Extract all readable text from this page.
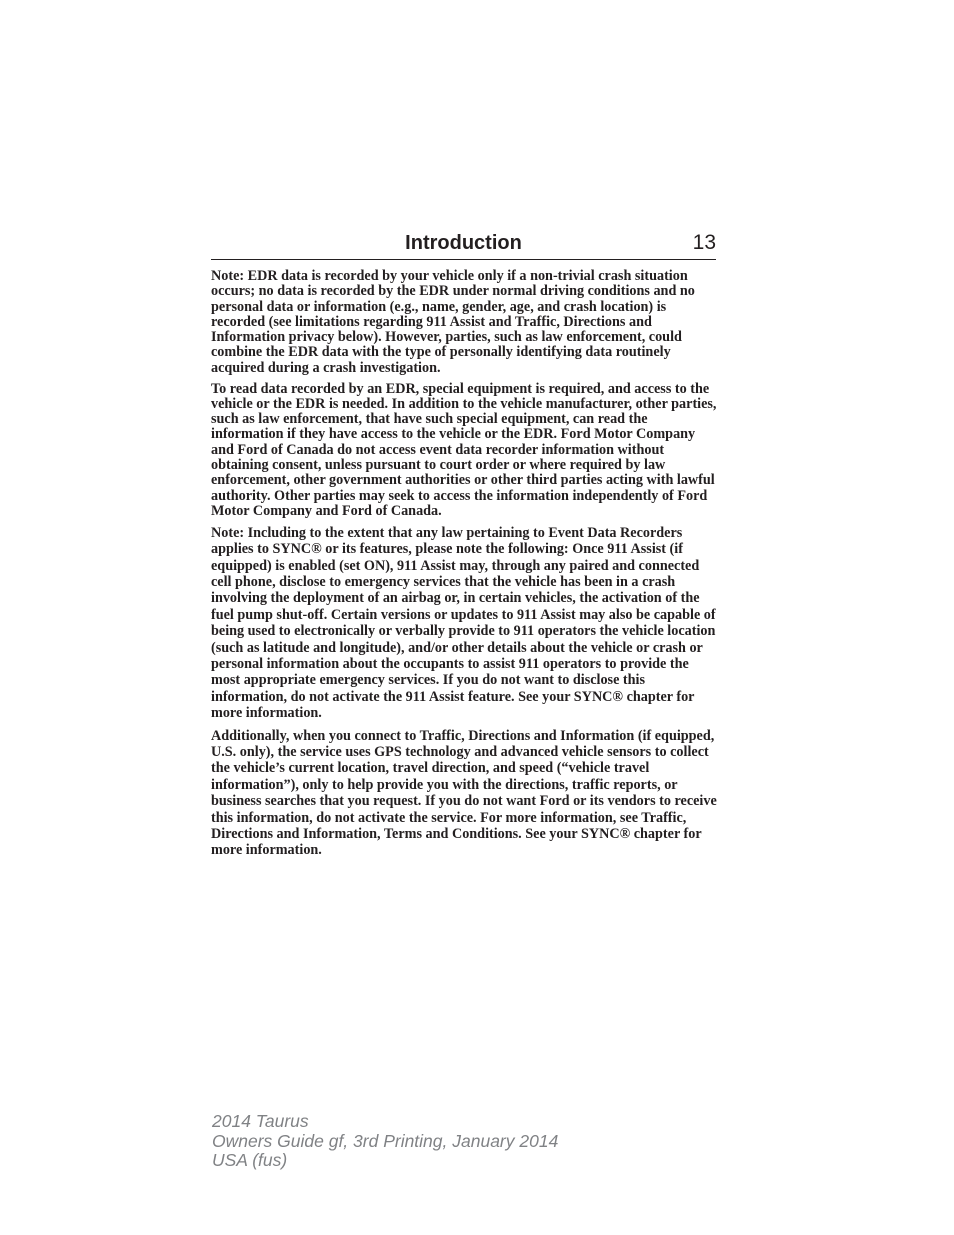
Introduction	13

Note: EDR data is recorded by your vehicle only if a non-trivial crash situation occurs; no data is recorded by the EDR under normal driving conditions and no personal data or information (e.g., name, gender, age, and crash location) is recorded (see limitations regarding 911 Assist and Traffic, Directions and Information privacy below). However, parties, such as law enforcement, could combine the EDR data with the type of personally identifying data routinely acquired during a crash investigation.

To read data recorded by an EDR, special equipment is required, and access to the vehicle or the EDR is needed. In addition to the vehicle manufacturer, other parties, such as law enforcement, that have such special equipment, can read the information if they have access to the vehicle or the EDR. Ford Motor Company and Ford of Canada do not access event data recorder information without obtaining consent, unless pursuant to court order or where required by law enforcement, other government authorities or other third parties acting with lawful authority. Other parties may seek to access the information independently of Ford Motor Company and Ford of Canada.

Note: Including to the extent that any law pertaining to Event Data Recorders applies to SYNC® or its features, please note the following: Once 911 Assist (if equipped) is enabled (set ON), 911 Assist may, through any paired and connected cell phone, disclose to emergency services that the vehicle has been in a crash involving the deployment of an airbag or, in certain vehicles, the activation of the fuel pump shut-off. Certain versions or updates to 911 Assist may also be capable of being used to electronically or verbally provide to 911 operators the vehicle location (such as latitude and longitude), and/or other details about the vehicle or crash or personal information about the occupants to assist 911 operators to provide the most appropriate emergency services. If you do not want to disclose this information, do not activate the 911 Assist feature. See your SYNC® chapter for more information.

Additionally, when you connect to Traffic, Directions and Information (if equipped, U.S. only), the service uses GPS technology and advanced vehicle sensors to collect the vehicle’s current location, travel direction, and speed (“vehicle travel information”), only to help provide you with the directions, traffic reports, or business searches that you request. If you do not want Ford or its vendors to receive this information, do not activate the service. For more information, see Traffic, Directions and Information, Terms and Conditions. See your SYNC® chapter for more information.

2014 Taurus
Owners Guide gf, 3rd Printing, January 2014
USA (fus)
